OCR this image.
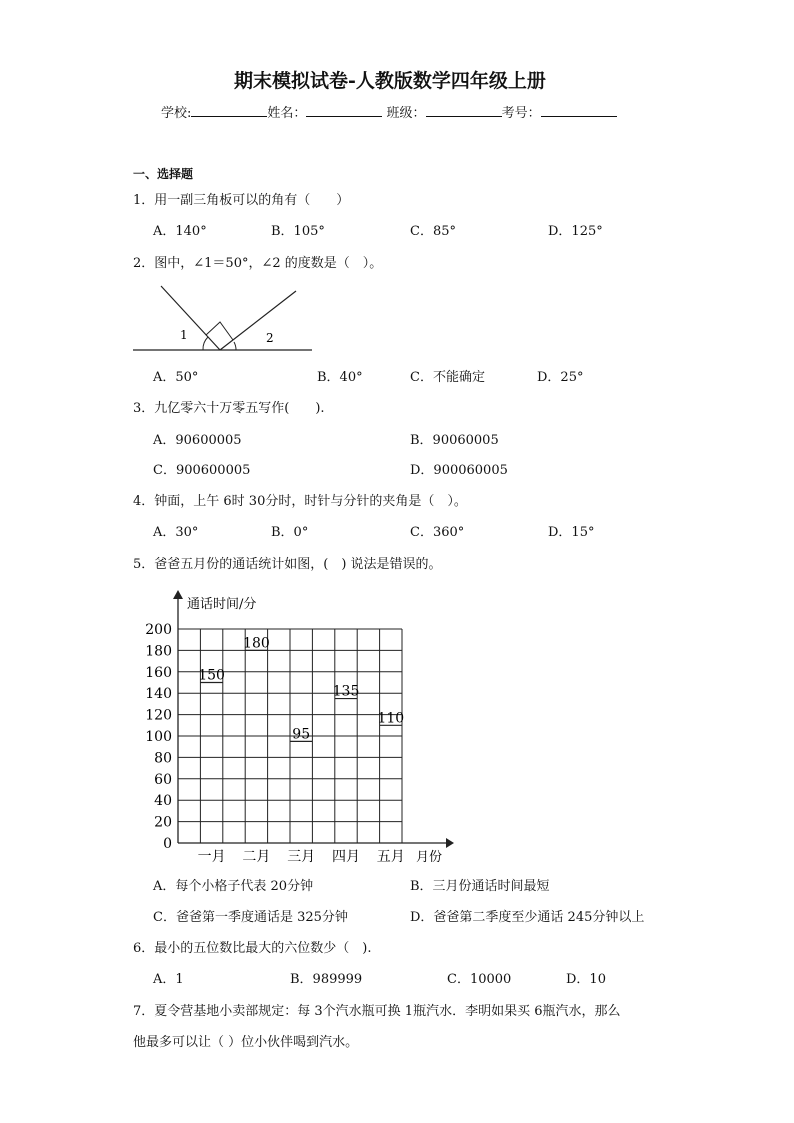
期末模拟试卷-人教版数学四年级上册
学校:	姓名：	班级：	考号：
一、选择题
1．用一副三角板可以的角有（　　）
A．140°	B．105°	C．85°	D．125°
2．图中，∠1＝50°，∠2 的度数是（　）。
1	2
A．50°	B．40°	C．不能确定	D．25°
3．九亿零六十万零五写作(　　).
A．90600005	B．90060005
C．900600005	D．900060005
4．钟面，上午 6时 30分时，时针与分针的夹角是（　）。
A．30°	B．0°	C．360°	D．15°
5．爸爸五月份的通话统计如图，(　) 说法是错误的。
通话时间/分
月份
0
20
40
60
80
100
120
140
160
180
200
150
一月
180
二月
95
三月
135
四月
110
五月
A．每个小格子代表 20分钟	B．三月份通话时间最短
C．爸爸第一季度通话是 325分钟	D．爸爸第二季度至少通话 245分钟以上
6．最小的五位数比最大的六位数少（　).
A．1	B．989999	C．10000	D．10
7．夏令营基地小卖部规定：每 3个汽水瓶可换 1瓶汽水．李明如果买 6瓶汽水，那么
他最多可以让（ ）位小伙伴喝到汽水。
